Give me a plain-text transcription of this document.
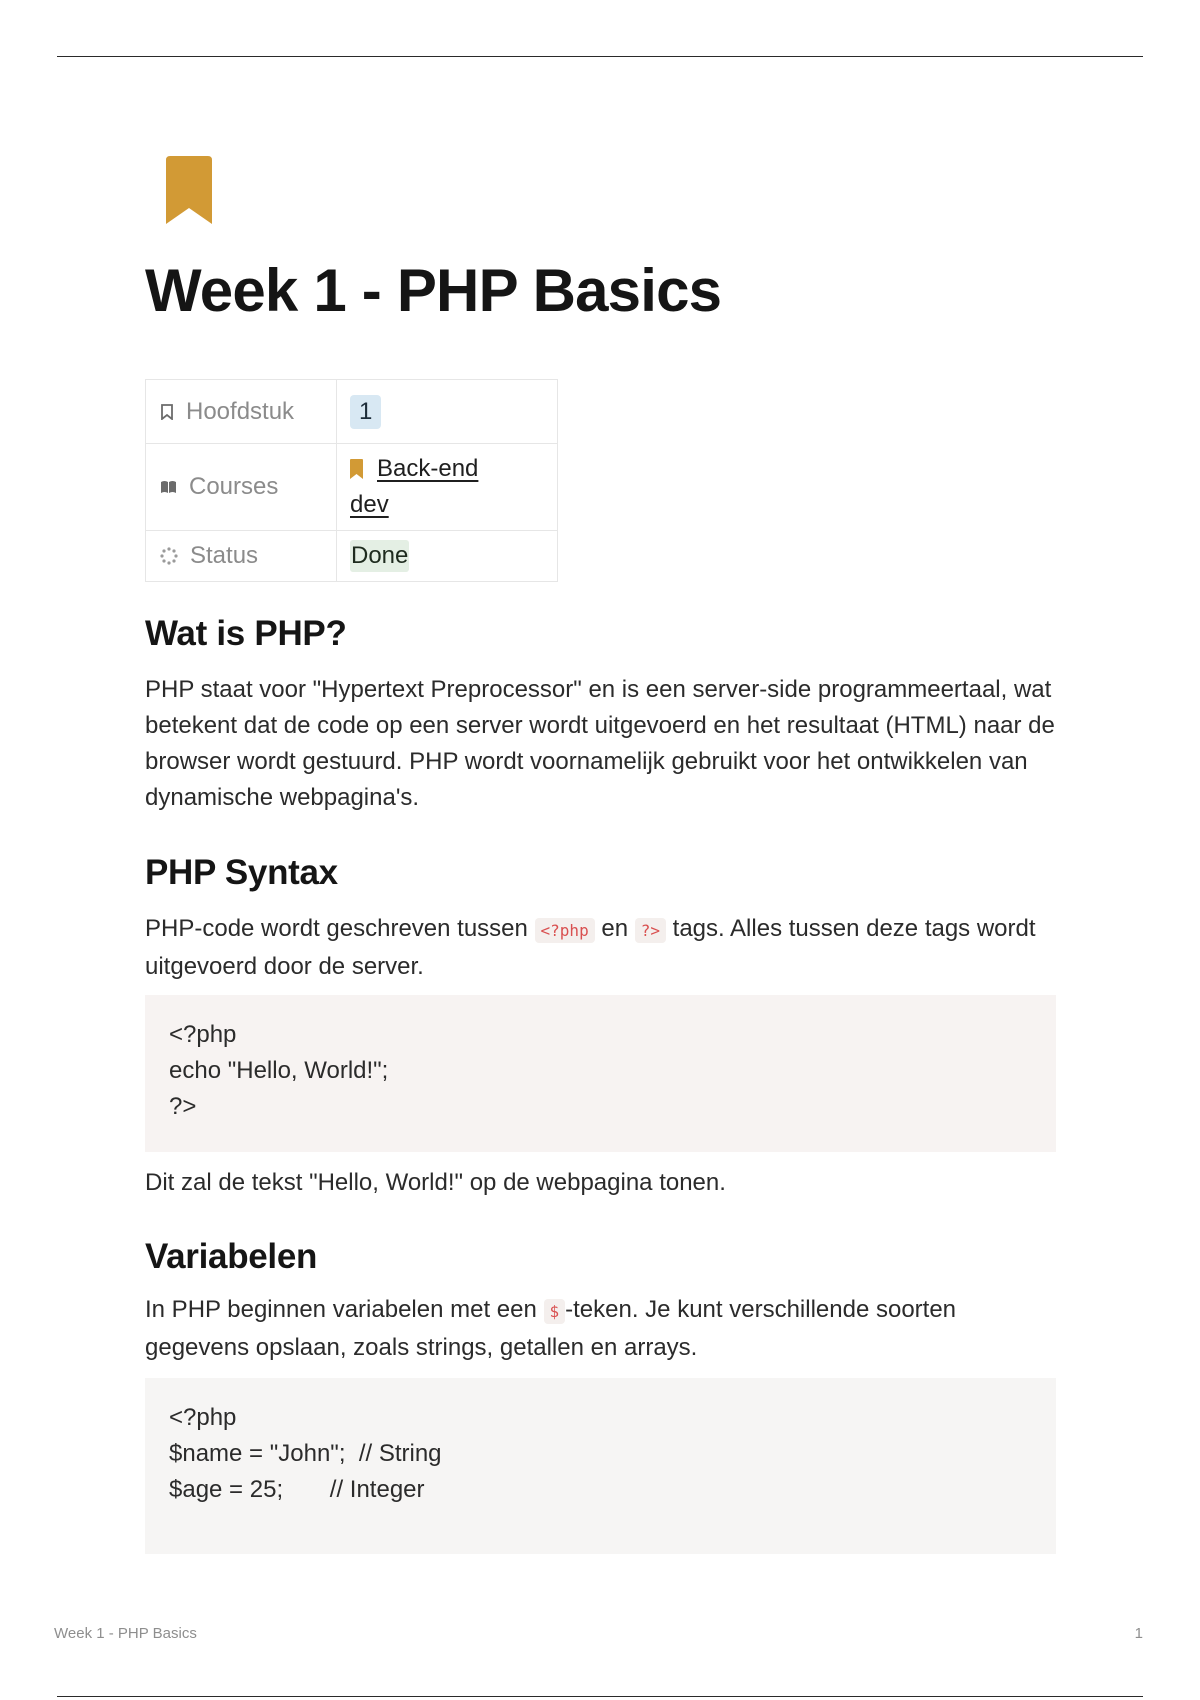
Week 1 - PHP Basics
Hoofdstuk	1

Courses	Back-end
dev

Status	Done
Wat is PHP?

PHP staat voor "Hypertext Preprocessor" en is een server-side programmeertaal, wat betekent dat de code op een server wordt uitgevoerd en het resultaat (HTML) naar de browser wordt gestuurd. PHP wordt voornamelijk gebruikt voor het ontwikkelen van dynamische webpagina's.

PHP Syntax

PHP-code wordt geschreven tussen <?php en ?> tags. Alles tussen deze tags wordt uitgevoerd door de server.

<?php
echo "Hello, World!";
?>

Dit zal de tekst "Hello, World!" op de webpagina tonen.

Variabelen

In PHP beginnen variabelen met een $ -teken. Je kunt verschillende soorten gegevens opslaan, zoals strings, getallen en arrays.

<?php
$name = "John";  // String
$age = 25;       // Integer
Week 1 - PHP Basics	1
